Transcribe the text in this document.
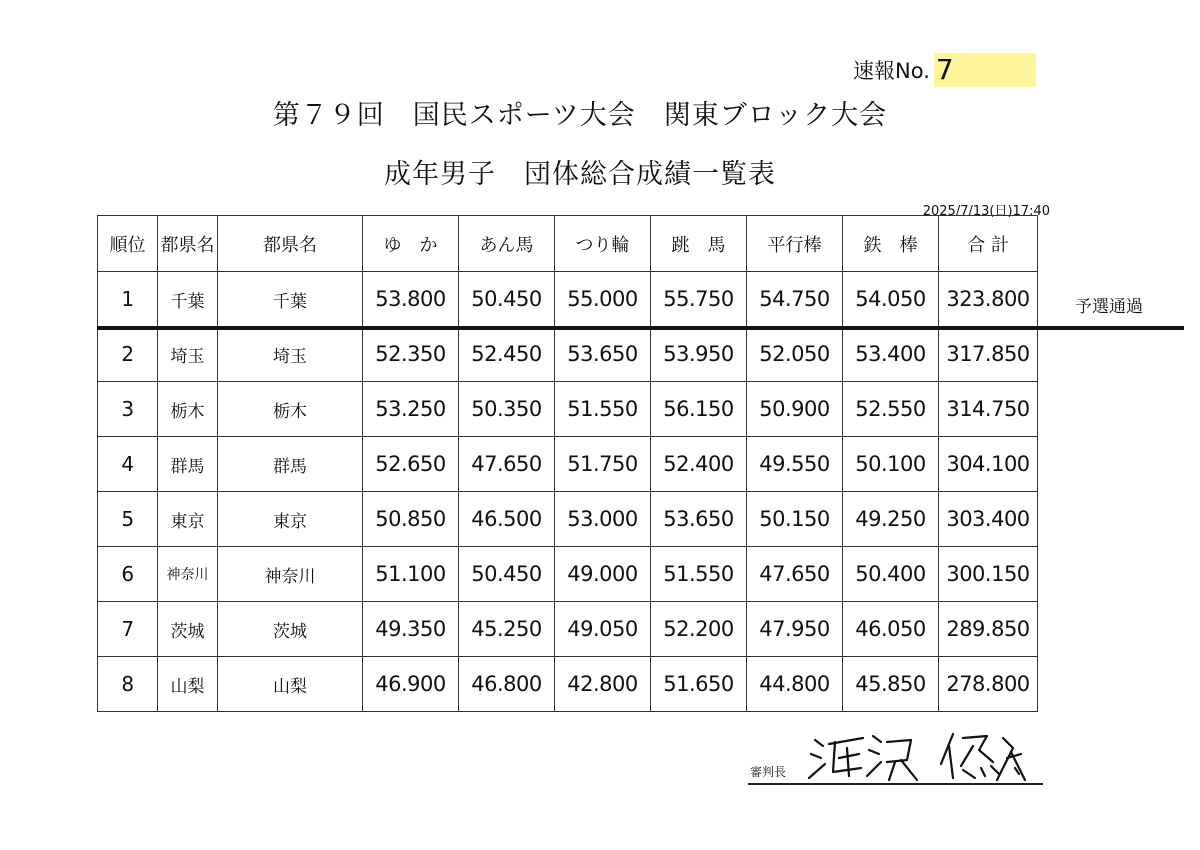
速報No. 7
第７９回　国民スポーツ大会　関東ブロック大会
成年男子　団体総合成績一覧表
2025/7/13(日)17:40
順位	都県名	都県名	ゆ　か	あん馬	つり輪	跳　馬	平行棒	鉄　棒	合 計
1	千葉	千葉	53.800	50.450	55.000	55.750	54.750	54.050	323.800
2	埼玉	埼玉	52.350	52.450	53.650	53.950	52.050	53.400	317.850
3	栃木	栃木	53.250	50.350	51.550	56.150	50.900	52.550	314.750
4	群馬	群馬	52.650	47.650	51.750	52.400	49.550	50.100	304.100
5	東京	東京	50.850	46.500	53.000	53.650	50.150	49.250	303.400
6	神奈川	神奈川	51.100	50.450	49.000	51.550	47.650	50.400	300.150
7	茨城	茨城	49.350	45.250	49.050	52.200	47.950	46.050	289.850
8	山梨	山梨	46.900	46.800	42.800	51.650	44.800	45.850	278.800
予選通過
審判長
